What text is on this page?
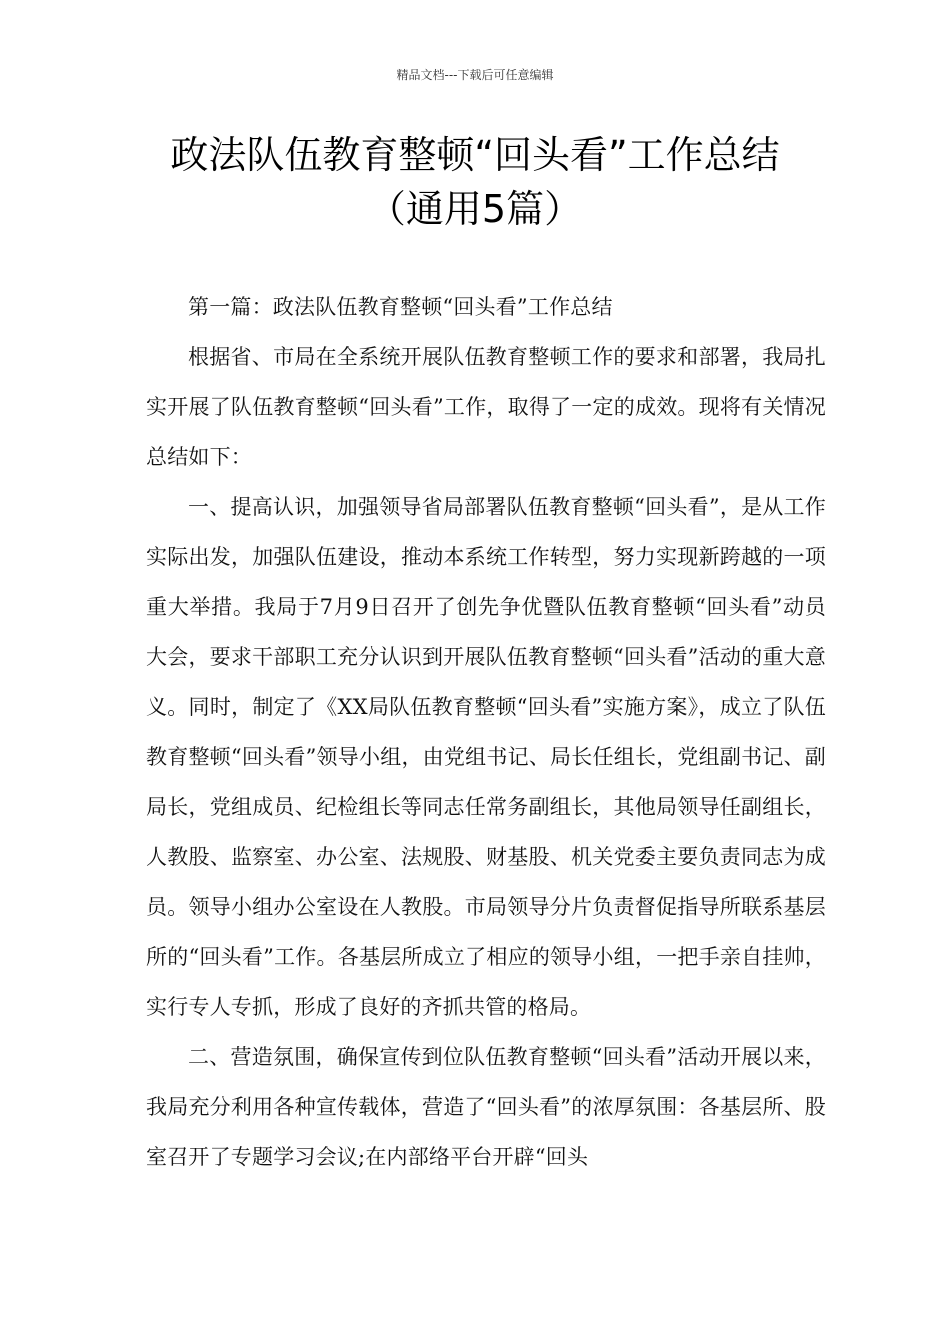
精品文档---下载后可任意编辑
政法队伍教育整顿“回头看”工作总结
（通用5篇）

第一篇：政法队伍教育整顿“回头看”工作总结

根据省、市局在全系统开展队伍教育整顿工作的要求和部署，我局扎实开展了队伍教育整顿“回头看”工作，取得了一定的成效。现将有关情况总结如下：

一、提高认识，加强领导省局部署队伍教育整顿“回头看”，是从工作实际出发，加强队伍建设，推动本系统工作转型，努力实现新跨越的一项重大举措。我局于7月9日召开了创先争优暨队伍教育整顿“回头看”动员大会，要求干部职工充分认识到开展队伍教育整顿“回头看”活动的重大意义。同时，制定了《XX局队伍教育整顿“回头看”实施方案》，成立了队伍教育整顿“回头看”领导小组，由党组书记、局长任组长，党组副书记、副局长，党组成员、纪检组长等同志任常务副组长，其他局领导任副组长，人教股、监察室、办公室、法规股、财基股、机关党委主要负责同志为成员。领导小组办公室设在人教股。市局领导分片负责督促指导所联系基层所的“回头看”工作。各基层所成立了相应的领导小组，一把手亲自挂帅，实行专人专抓，形成了良好的齐抓共管的格局。

二、营造氛围，确保宣传到位队伍教育整顿“回头看”活动开展以来，我局充分利用各种宣传载体，营造了“回头看”的浓厚氛围：各基层所、股室召开了专题学习会议;在内部络平台开辟“回头
